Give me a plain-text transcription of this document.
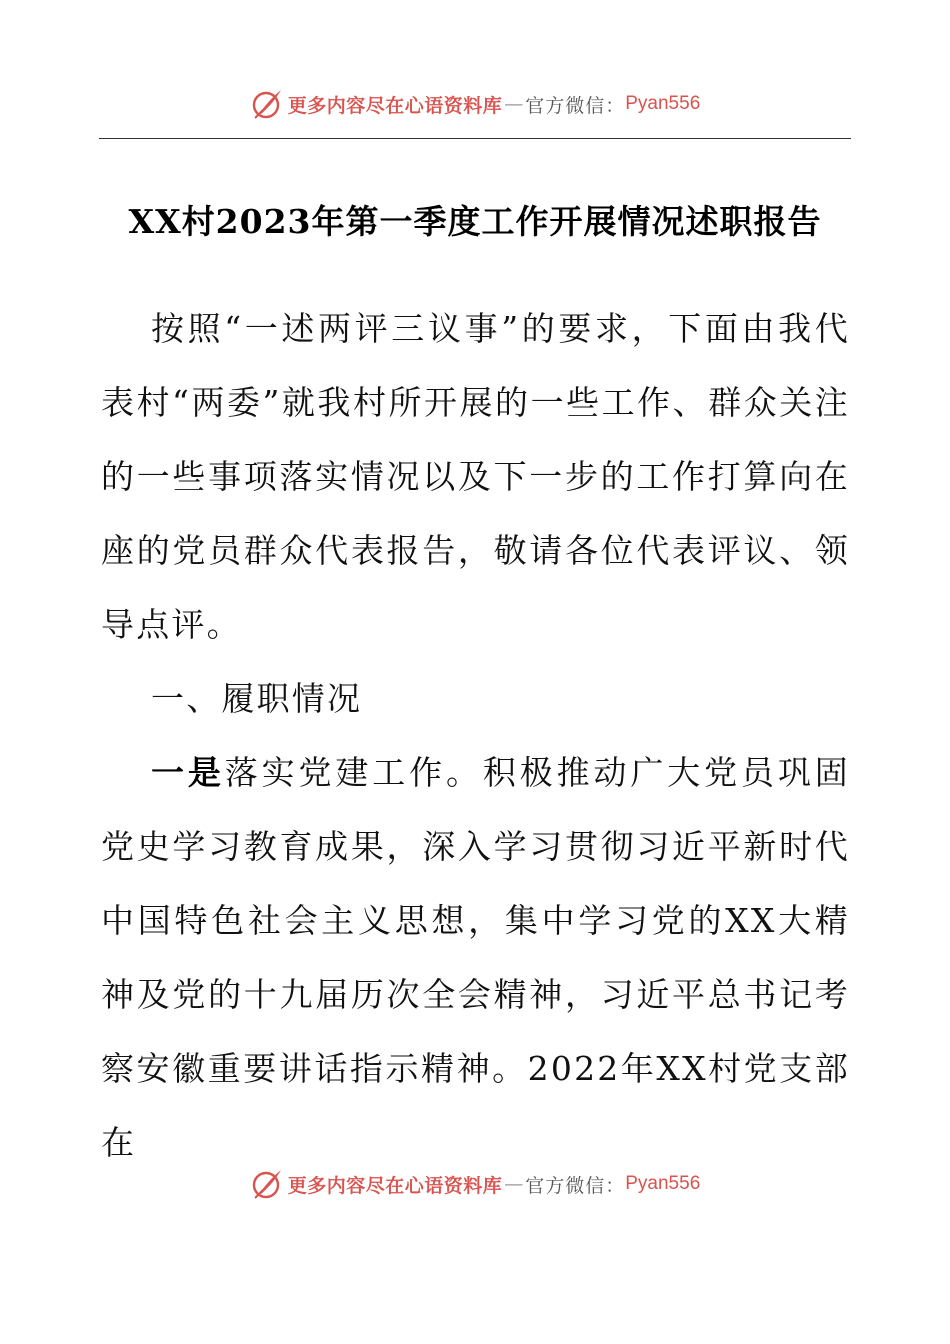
更多内容尽在心语资料库 — 官方微信： Pyan556
XX村2023年第一季度工作开展情况述职报告

按照“一述两评三议事”的要求，下面由我代表村“两委”就我村所开展的一些工作、群众关注的一些事项落实情况以及下一步的工作打算向在座的党员群众代表报告，敬请各位代表评议、领导点评。

一、履职情况

一是落实党建工作。积极推动广大党员巩固党史学习教育成果，深入学习贯彻习近平新时代中国特色社会主义思想，集中学习党的XX大精神及党的十九届历次全会精神，习近平总书记考察安徽重要讲话指示精神。2022年XX村党支部在

更多内容尽在心语资料库 — 官方微信： Pyan556
